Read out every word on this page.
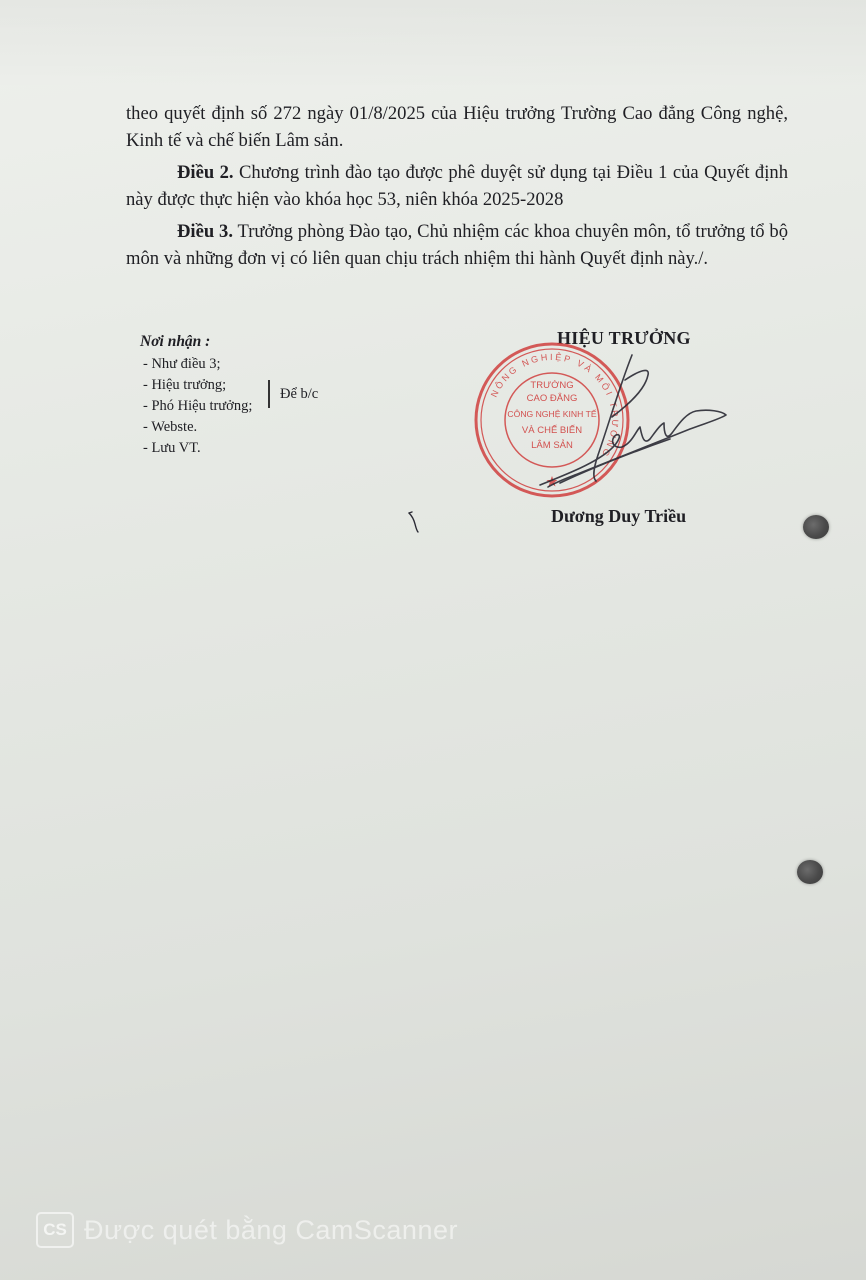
theo quyết định số 272 ngày 01/8/2025 của Hiệu trưởng Trường Cao đẳng Công nghệ, Kinh tế và chế biến Lâm sản.

Điều 2. Chương trình đào tạo được phê duyệt sử dụng tại Điều 1 của Quyết định này được thực hiện vào khóa học 53, niên khóa 2025-2028

Điều 3. Trưởng phòng Đào tạo, Chủ nhiệm các khoa chuyên môn, tổ trưởng tổ bộ môn và những đơn vị có liên quan chịu trách nhiệm thi hành Quyết định này./.

Nơi nhận :
- Như điều 3;
- Hiệu trưởng;
- Phó Hiệu trưởng;
- Webste.
- Lưu VT.
Để b/c
HIỆU TRƯỞNG
NÔNG NGHIỆP VÀ MÔI TRƯỜNG
TRƯỜNG
CAO ĐẲNG
CÔNG NGHỆ KINH TẾ
VÀ CHẾ BIẾN
LÂM SẢN
Dương Duy Triều
CS Được quét bằng CamScanner
